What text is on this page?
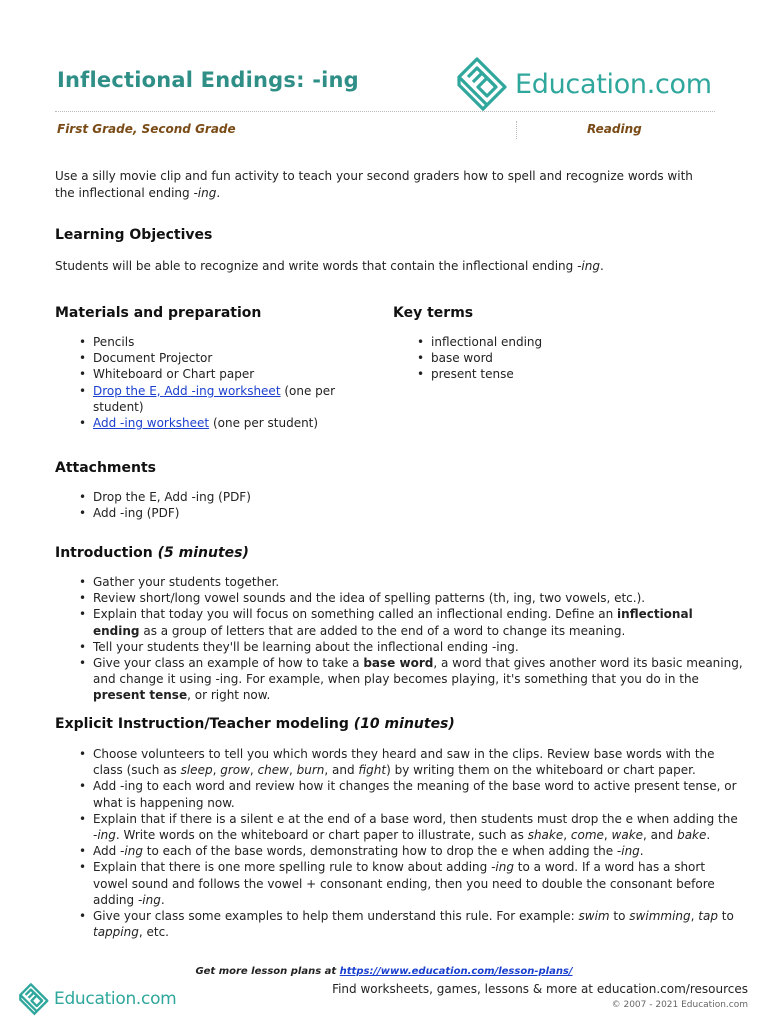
Inflectional Endings: -ing	Education.com
First Grade, Second Grade	Reading

Use a silly movie clip and fun activity to teach your second graders how to spell and recognize words with the inflectional ending -ing.

Learning Objectives

Students will be able to recognize and write words that contain the inflectional ending -ing.

Materials and preparation
• Pencils
• Document Projector
• Whiteboard or Chart paper
• Drop the E, Add -ing worksheet (one per student)
• Add -ing worksheet (one per student)
Key terms
• inflectional ending
• base word
• present tense
Attachments
• Drop the E, Add -ing (PDF)
• Add -ing (PDF)
Introduction (5 minutes)
• Gather your students together.
• Review short/long vowel sounds and the idea of spelling patterns (th, ing, two vowels, etc.).
• Explain that today you will focus on something called an inflectional ending. Define an inflectional ending as a group of letters that are added to the end of a word to change its meaning.
• Tell your students they'll be learning about the inflectional ending -ing.
• Give your class an example of how to take a base word, a word that gives another word its basic meaning, and change it using -ing. For example, when play becomes playing, it's something that you do in the present tense, or right now.
Explicit Instruction/Teacher modeling (10 minutes)
• Choose volunteers to tell you which words they heard and saw in the clips. Review base words with the class (such as sleep, grow, chew, burn, and fight) by writing them on the whiteboard or chart paper.
• Add -ing to each word and review how it changes the meaning of the base word to active present tense, or what is happening now.
• Explain that if there is a silent e at the end of a base word, then students must drop the e when adding the -ing. Write words on the whiteboard or chart paper to illustrate, such as shake, come, wake, and bake.
• Add -ing to each of the base words, demonstrating how to drop the e when adding the -ing.
• Explain that there is one more spelling rule to know about adding -ing to a word. If a word has a short vowel sound and follows the vowel + consonant ending, then you need to double the consonant before adding -ing.
• Give your class some examples to help them understand this rule. For example: swim to swimming, tap to tapping, etc.
Get more lesson plans at https://www.education.com/lesson-plans/
Education.com	Find worksheets, games, lessons & more at education.com/resources
© 2007 - 2021 Education.com
